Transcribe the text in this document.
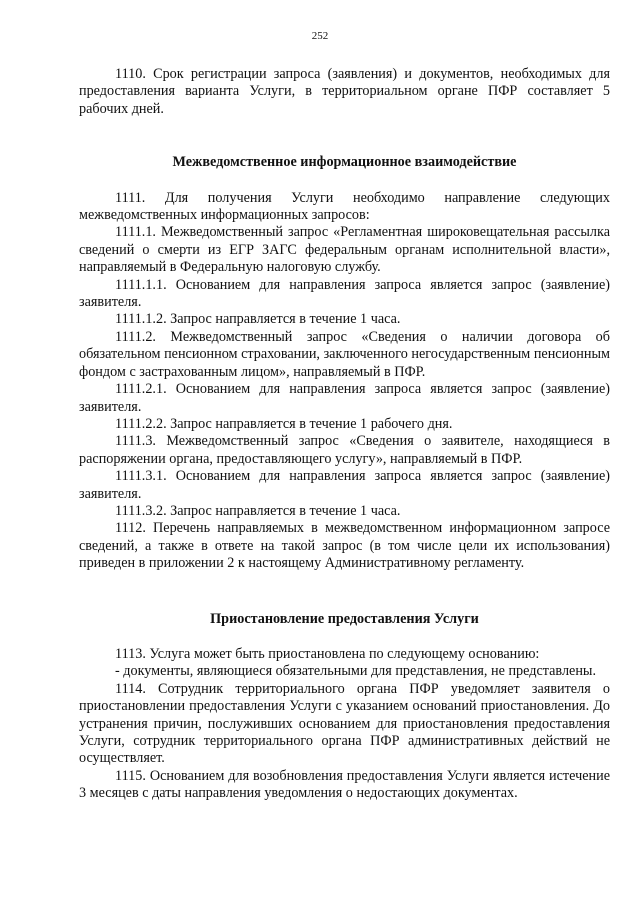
252

1110. Срок регистрации запроса (заявления) и документов, необходимых для предоставления варианта Услуги, в территориальном органе ПФР составляет 5 рабочих дней.

Межведомственное информационное взаимодействие

1111. Для получения Услуги необходимо направление следующих межведомственных информационных запросов:

1111.1. Межведомственный запрос «Регламентная широковещательная рассылка сведений о смерти из ЕГР ЗАГС федеральным органам исполнительной власти», направляемый в Федеральную налоговую службу.

1111.1.1. Основанием для направления запроса является запрос (заявление) заявителя.

1111.1.2. Запрос направляется в течение 1 часа.

1111.2. Межведомственный запрос «Сведения о наличии договора об обязательном пенсионном страховании, заключенного негосударственным пенсионным фондом с застрахованным лицом», направляемый в ПФР.

1111.2.1. Основанием для направления запроса является запрос (заявление) заявителя.

1111.2.2. Запрос направляется в течение 1 рабочего дня.

1111.3. Межведомственный запрос «Сведения о заявителе, находящиеся в распоряжении органа, предоставляющего услугу», направляемый в ПФР.

1111.3.1. Основанием для направления запроса является запрос (заявление) заявителя.

1111.3.2. Запрос направляется в течение 1 часа.

1112. Перечень направляемых в межведомственном информационном запросе сведений, а также в ответе на такой запрос (в том числе цели их использования) приведен в приложении 2 к настоящему Административному регламенту.

Приостановление предоставления Услуги

1113. Услуга может быть приостановлена по следующему основанию:

- документы, являющиеся обязательными для представления, не представлены.

1114. Сотрудник территориального органа ПФР уведомляет заявителя о приостановлении предоставления Услуги с указанием оснований приостановления. До устранения причин, послуживших основанием для приостановления предоставления Услуги, сотрудник территориального органа ПФР административных действий не осуществляет.

1115. Основанием для возобновления предоставления Услуги является истечение 3 месяцев с даты направления уведомления о недостающих документах.
